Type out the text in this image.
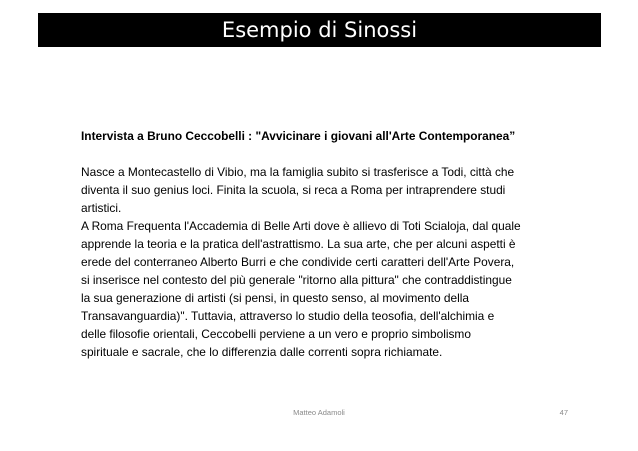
Esempio di Sinossi
Intervista a Bruno Ceccobelli : "Avvicinare i giovani all'Arte Contemporanea”
Nasce a Montecastello di Vibio, ma la famiglia subito si trasferisce a Todi, città che
diventa il suo genius loci. Finita la scuola, si reca a Roma per intraprendere studi
artistici.
A Roma Frequenta l'Accademia di Belle Arti dove è allievo di Toti Scialoja, dal quale
apprende la teoria e la pratica dell'astrattismo. La sua arte, che per alcuni aspetti è
erede del conterraneo Alberto Burri e che condivide certi caratteri dell'Arte Povera,
si inserisce nel contesto del più generale "ritorno alla pittura" che contraddistingue
la sua generazione di artisti (si pensi, in questo senso, al movimento della
Transavanguardia)". Tuttavia, attraverso lo studio della teosofia, dell'alchimia e
delle filosofie orientali, Ceccobelli perviene a un vero e proprio simbolismo
spirituale e sacrale, che lo differenzia dalle correnti sopra richiamate.
Matteo Adamoli	47
